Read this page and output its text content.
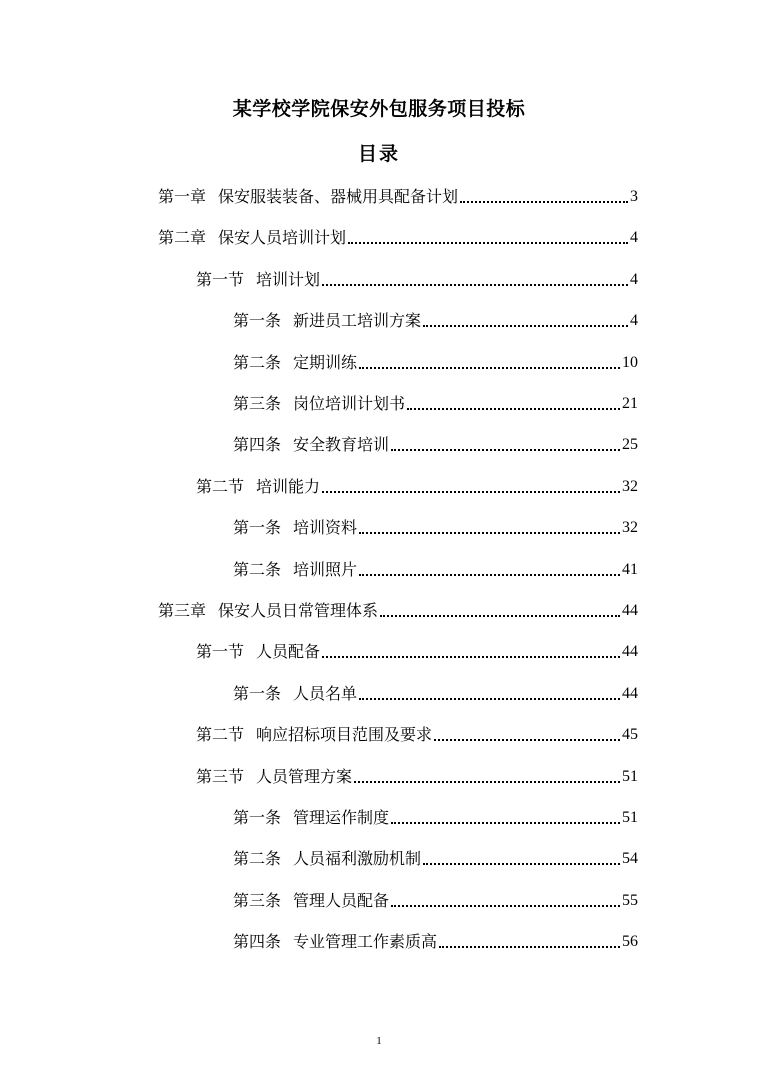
某学校学院保安外包服务项目投标
目录
第一章 保安服装装备、器械用具配备计划	3
第二章 保安人员培训计划	4
第一节 培训计划	4
第一条 新进员工培训方案	4
第二条 定期训练	10
第三条 岗位培训计划书	21
第四条 安全教育培训	25
第二节 培训能力	32
第一条 培训资料	32
第二条 培训照片	41
第三章 保安人员日常管理体系	44
第一节 人员配备	44
第一条 人员名单	44
第二节 响应招标项目范围及要求	45
第三节 人员管理方案	51
第一条 管理运作制度	51
第二条 人员福利激励机制	54
第三条 管理人员配备	55
第四条 专业管理工作素质高	56
1
